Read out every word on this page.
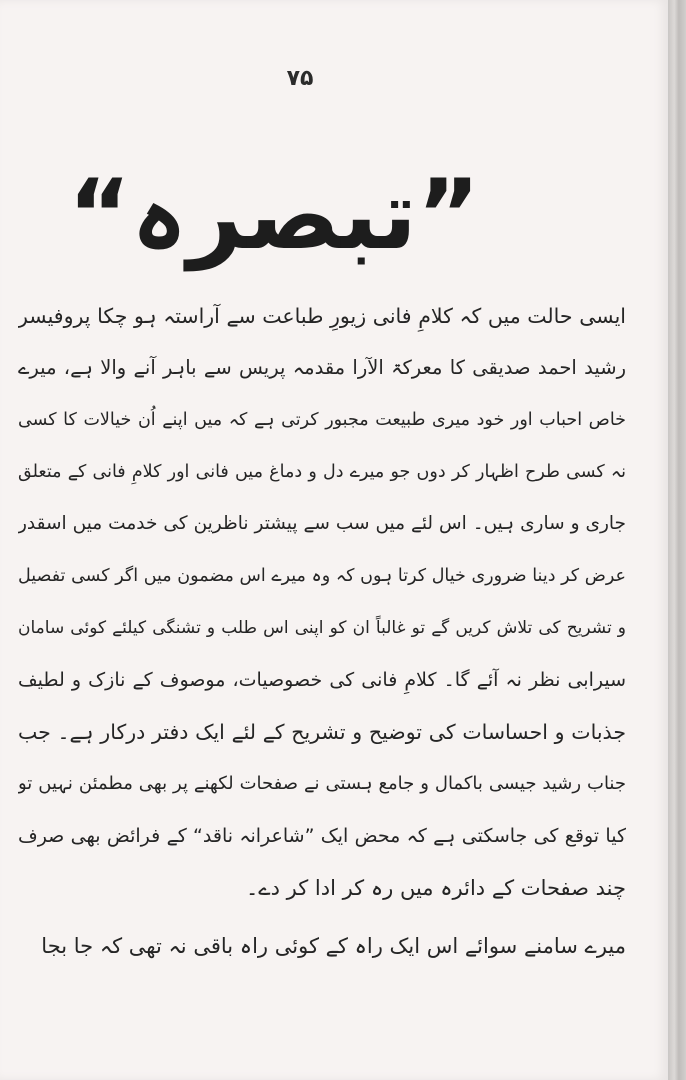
۷۵
”تبصرہ“
ایسی حالت میں کہ کلامِ فانی زیورِ طباعت سے آراستہ ہو چکا پروفیسر
رشید احمد صدیقی کا معرکۃ الآرا مقدمہ پریس سے باہر آنے والا ہے، میرے
خاص احباب اور خود میری طبیعت مجبور کرتی ہے کہ میں اپنے اُن خیالات کا کسی
نہ کسی طرح اظہار کر دوں جو میرے دل و دماغ میں فانی اور کلامِ فانی کے متعلق
جاری و ساری ہیں۔ اس لئے میں سب سے پیشتر ناظرین کی خدمت میں اسقدر
عرض کر دینا ضروری خیال کرتا ہوں کہ وہ میرے اس مضمون میں اگر کسی تفصیل
و تشریح کی تلاش کریں گے تو غالباً ان کو اپنی اس طلب و تشنگی کیلئے کوئی سامان
سیرابی نظر نہ آئے گا۔ کلامِ فانی کی خصوصیات، موصوف کے نازک و لطیف
جذبات و احساسات کی توضیح و تشریح کے لئے ایک دفتر درکار ہے۔ جب
جناب رشید جیسی باکمال و جامع ہستی نے صفحات لکھنے پر بھی مطمئن نہیں تو
کیا توقع کی جاسکتی ہے کہ محض ایک ”شاعرانہ ناقد“ کے فرائض بھی صرف
چند صفحات کے دائرہ میں رہ کر ادا کر دے۔
میرے سامنے سوائے اس ایک راہ کے کوئی راہ باقی نہ تھی کہ جا بجا
